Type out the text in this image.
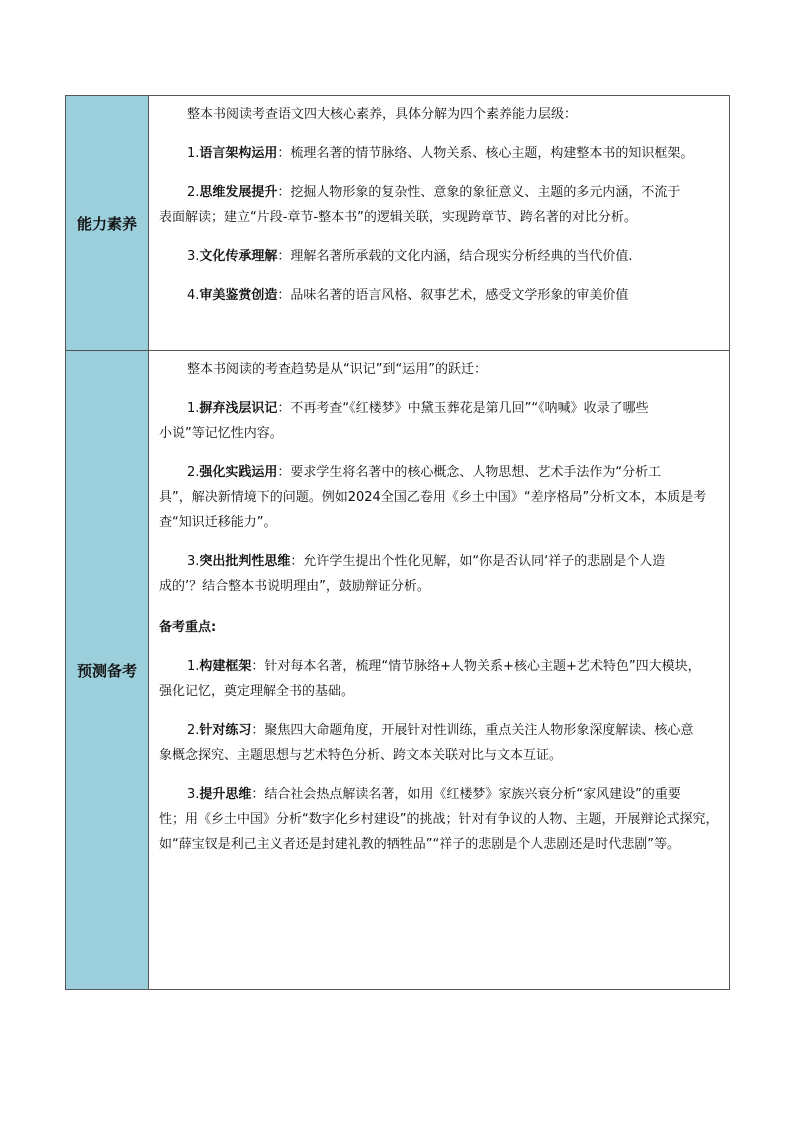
能力素养

整本书阅读考查语文四大核心素养，具体分解为四个素养能力层级：

1.语言架构运用：梳理名著的情节脉络、人物关系、核心主题，构建整本书的知识框架。

2.思维发展提升：挖掘人物形象的复杂性、意象的象征意义、主题的多元内涵，不流于

表面解读；建立“片段-章节-整本书”的逻辑关联，实现跨章节、跨名著的对比分析。

3.文化传承理解：理解名著所承载的文化内涵，结合现实分析经典的当代价值.

4.审美鉴赏创造：品味名著的语言风格、叙事艺术，感受文学形象的审美价值

预测备考

整本书阅读的考查趋势是从“识记”到“运用”的跃迁：

1.摒弃浅层识记：不再考查“《红楼梦》中黛玉葬花是第几回”“《呐喊》收录了哪些

小说”等记忆性内容。

2.强化实践运用：要求学生将名著中的核心概念、人物思想、艺术手法作为“分析工

具”，解决新情境下的问题。例如2024全国乙卷用《乡土中国》“差序格局”分析文本，本质是考查“知识迁移能力”。

3.突出批判性思维：允许学生提出个性化见解，如“你是否认同‘祥子的悲剧是个人造

成的’？结合整本书说明理由”，鼓励辩证分析。

备考重点:

1.构建框架：针对每本名著，梳理“情节脉络+人物关系+核心主题+艺术特色”四大模块，

强化记忆，奠定理解全书的基础。

2.针对练习：聚焦四大命题角度，开展针对性训练，重点关注人物形象深度解读、核心意

象概念探究、主题思想与艺术特色分析、跨文本关联对比与文本互证。

3.提升思维：结合社会热点解读名著，如用《红楼梦》家族兴衰分析“家风建设”的重要

性；用《乡土中国》分析“数字化乡村建设”的挑战；针对有争议的人物、主题，开展辩论式探究，如“薛宝钗是利己主义者还是封建礼教的牺牲品”“祥子的悲剧是个人悲剧还是时代悲剧”等。
